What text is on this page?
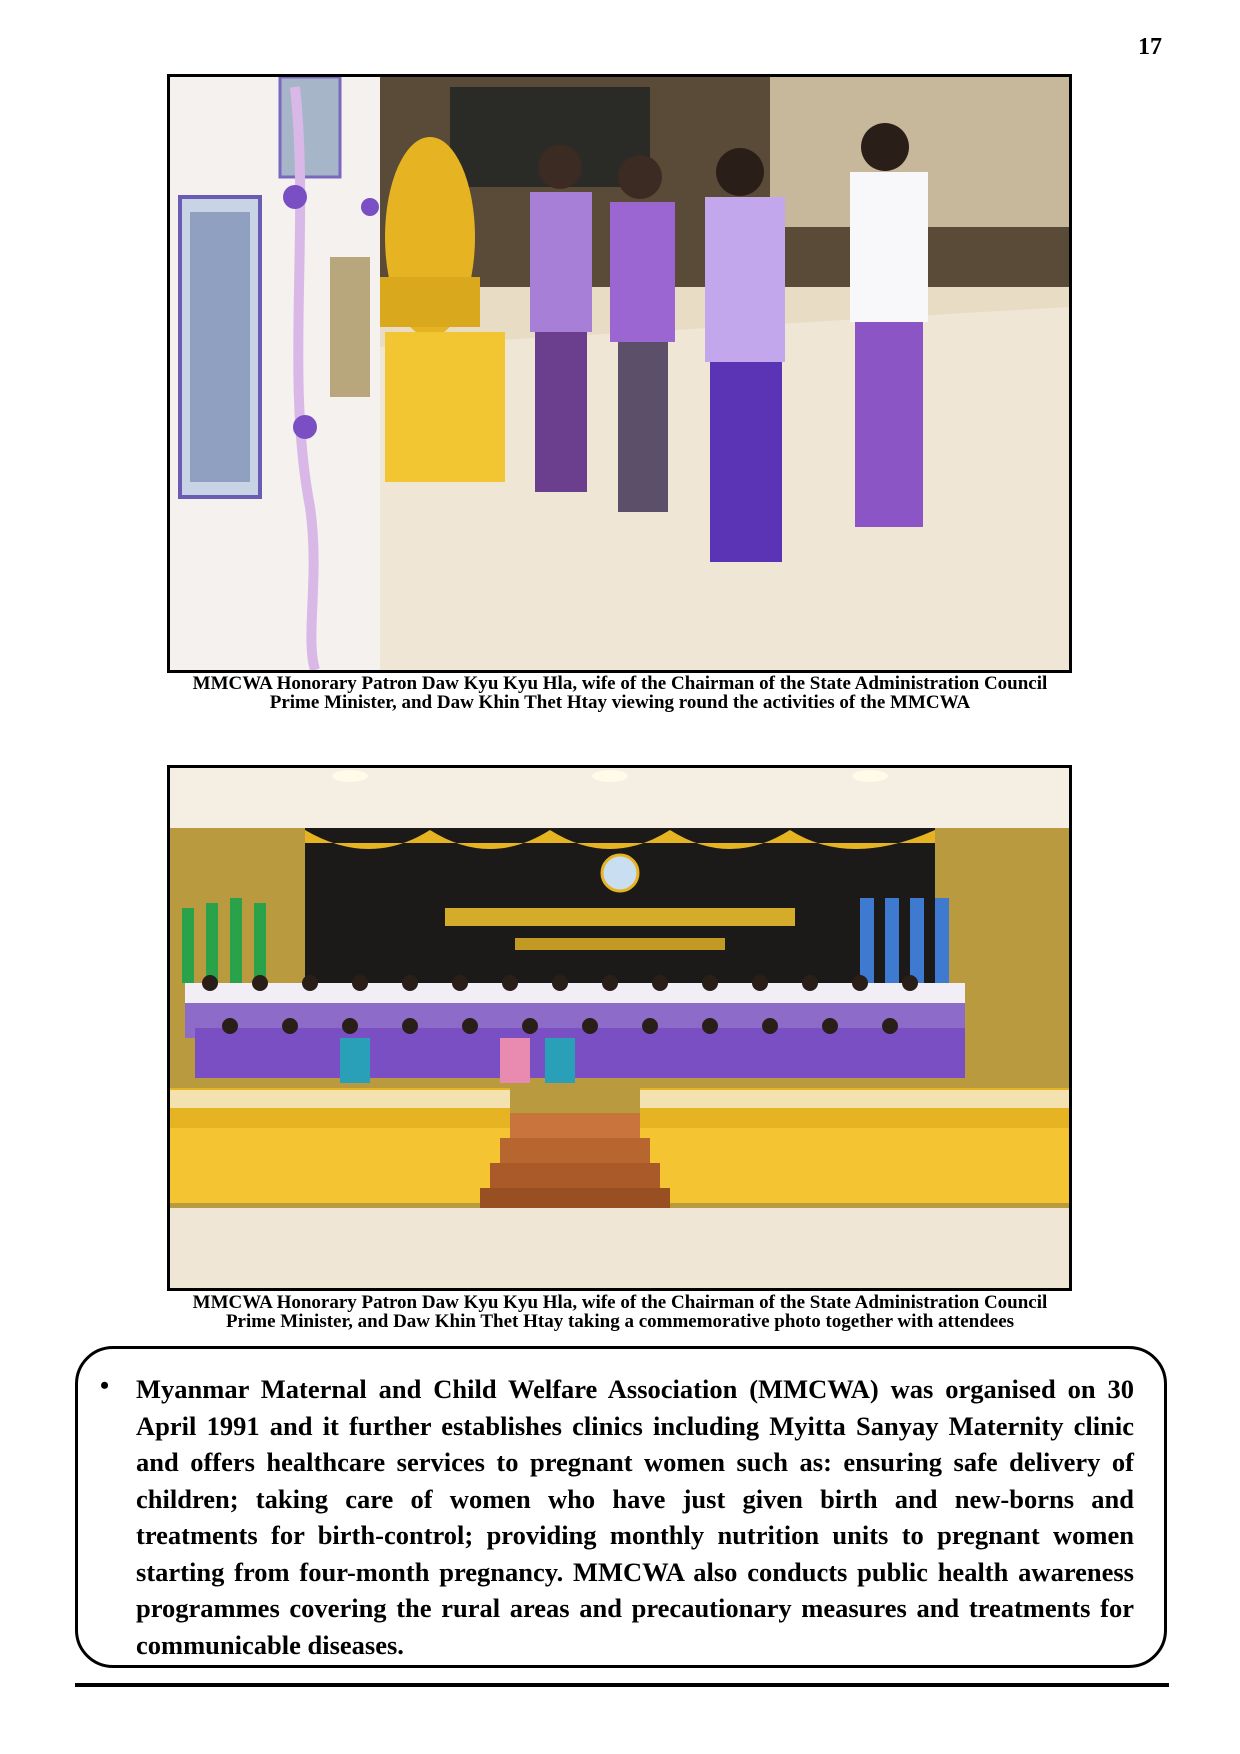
17
MMCWA Honorary Patron Daw Kyu Kyu Hla, wife of the Chairman of the State Administration Council
Prime Minister, and Daw Khin Thet Htay viewing round the activities of the MMCWA
MMCWA Honorary Patron Daw Kyu Kyu Hla, wife of the Chairman of the State Administration Council
Prime Minister, and Daw Khin Thet Htay taking a commemorative photo together with attendees
• Myanmar Maternal and Child Welfare Association (MMCWA) was organised on 30 April 1991 and it further establishes clinics including Myitta Sanyay Maternity clinic and offers healthcare services to pregnant women such as: ensuring safe delivery of children; taking care of women who have just given birth and new-borns and treatments for birth-control; providing monthly nutrition units to pregnant women starting from four-month pregnancy. MMCWA also conducts public health awareness programmes covering the rural areas and precautionary measures and treatments for communicable diseases.
